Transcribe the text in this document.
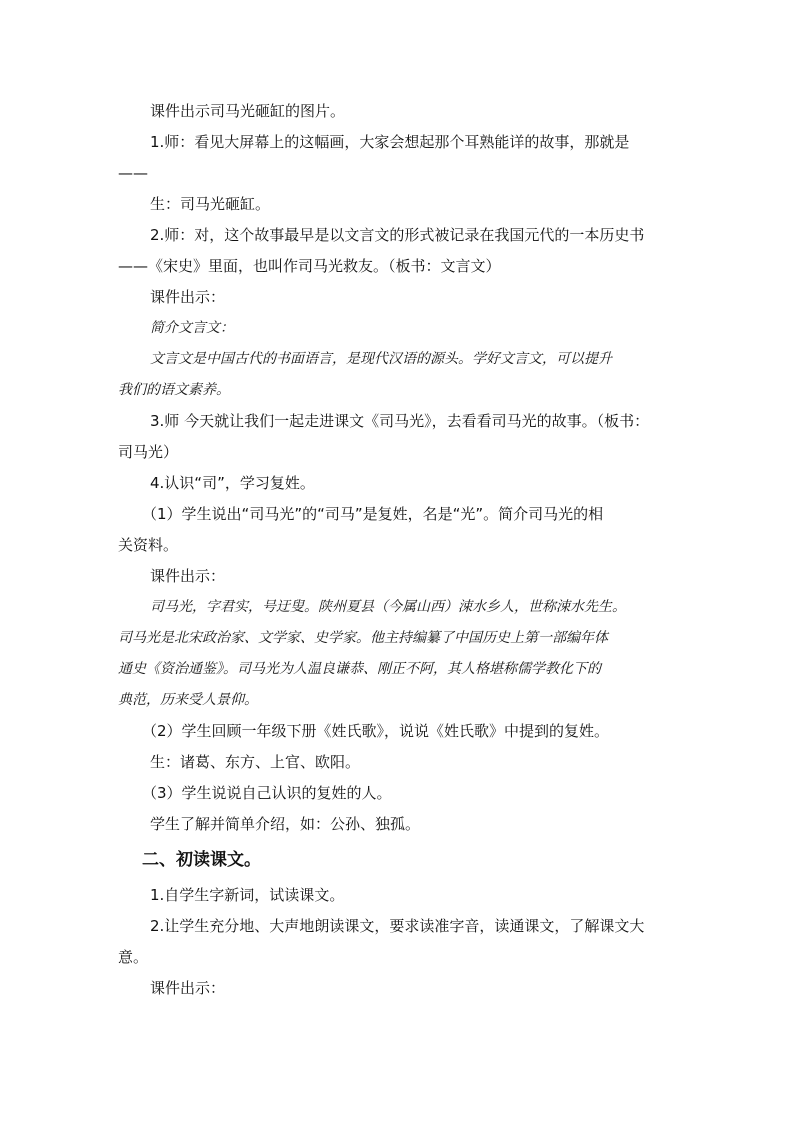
课件出示司马光砸缸的图片。

1.师：看见大屏幕上的这幅画，大家会想起那个耳熟能详的故事，那就是

——

生：司马光砸缸。

2.师：对，这个故事最早是以文言文的形式被记录在我国元代的一本历史书

——《宋史》里面，也叫作司马光救友。（板书：文言文）

课件出示：

简介文言文：

文言文是中国古代的书面语言，是现代汉语的源头。学好文言文，可以提升

我们的语文素养。

3.师 今天就让我们一起走进课文《司马光》，去看看司马光的故事。（板书：

司马光）

4.认识“司”，学习复姓。

（1）学生说出“司马光”的“司马”是复姓，名是“光”。简介司马光的相

关资料。

课件出示：

司马光，字君实，号迂叟。陕州夏县（今属山西）涑水乡人，世称涑水先生。

司马光是北宋政治家、文学家、史学家。他主持编纂了中国历史上第一部编年体

通史《资治通鉴》。司马光为人温良谦恭、刚正不阿，其人格堪称儒学教化下的

典范，历来受人景仰。

（2）学生回顾一年级下册《姓氏歌》，说说《姓氏歌》中提到的复姓。

生：诸葛、东方、上官、欧阳。

（3）学生说说自己认识的复姓的人。

学生了解并简单介绍，如：公孙、独孤。

二、初读课文。

1.自学生字新词，试读课文。

2.让学生充分地、大声地朗读课文，要求读准字音，读通课文，了解课文大

意。

课件出示：
